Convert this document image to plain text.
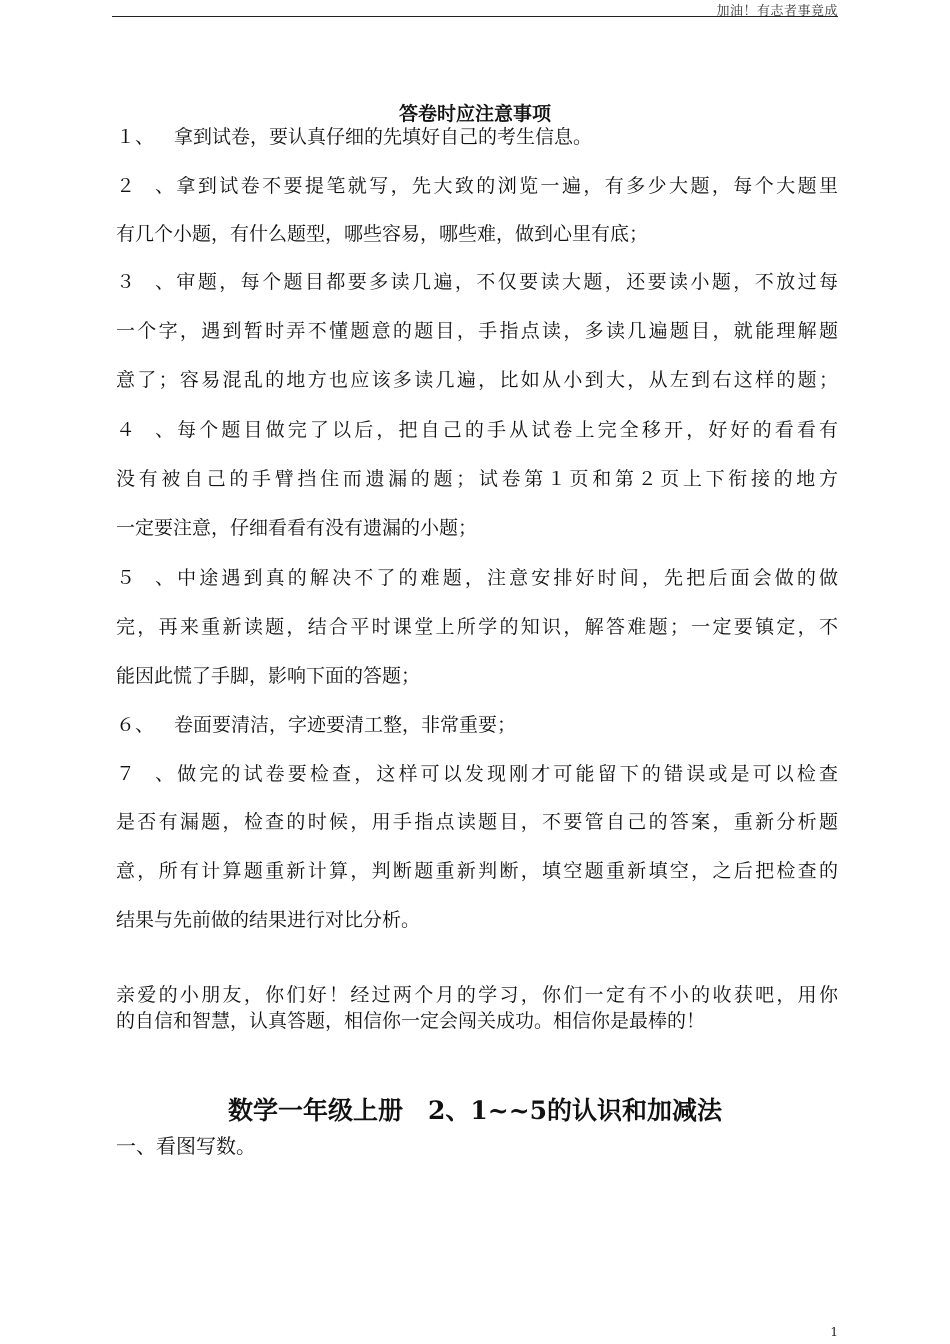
加油！有志者事竟成
答卷时应注意事项
１、 拿到试卷，要认真仔细的先填好自己的考生信息。
２、拿到试卷不要提笔就写，先大致的浏览一遍，有多少大题，每个大题里
有几个小题，有什么题型，哪些容易，哪些难，做到心里有底；
３、审题，每个题目都要多读几遍，不仅要读大题，还要读小题，不放过每
一个字，遇到暂时弄不懂题意的题目，手指点读，多读几遍题目，就能理解题
意了；容易混乱的地方也应该多读几遍，比如从小到大，从左到右这样的题；
４、每个题目做完了以后，把自己的手从试卷上完全移开，好好的看看有
没有被自己的手臂挡住而遗漏的题；试卷第１页和第２页上下衔接的地方
一定要注意，仔细看看有没有遗漏的小题；
５、中途遇到真的解决不了的难题，注意安排好时间，先把后面会做的做
完，再来重新读题，结合平时课堂上所学的知识，解答难题；一定要镇定，不
能因此慌了手脚，影响下面的答题；
６、 卷面要清洁，字迹要清工整，非常重要；
７、做完的试卷要检查，这样可以发现刚才可能留下的错误或是可以检查
是否有漏题，检查的时候，用手指点读题目，不要管自己的答案，重新分析题
意，所有计算题重新计算，判断题重新判断，填空题重新填空，之后把检查的
结果与先前做的结果进行对比分析。
亲爱的小朋友，你们好！经过两个月的学习，你们一定有不小的收获吧，用你
的自信和智慧，认真答题，相信你一定会闯关成功。相信你是最棒的！
数学一年级上册　2、1~~5的认识和加减法
一、看图写数。
1
